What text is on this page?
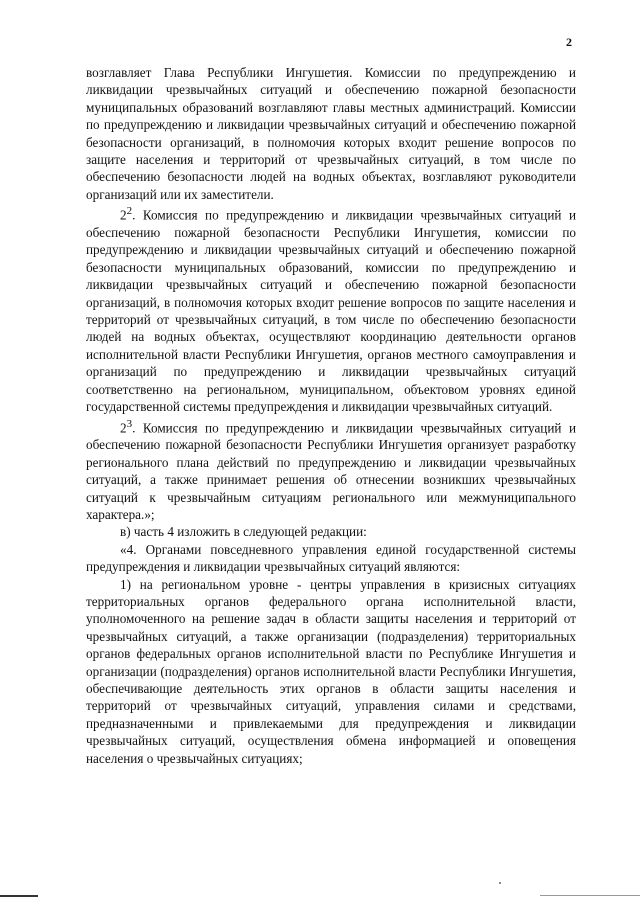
2

возглавляет Глава Республики Ингушетия. Комиссии по предупреждению и ликвидации чрезвычайных ситуаций и обеспечению пожарной безопасности муниципальных образований возглавляют главы местных администраций. Комиссии по предупреждению и ликвидации чрезвычайных ситуаций и обеспечению пожарной безопасности организаций, в полномочия которых входит решение вопросов по защите населения и территорий от чрезвычайных ситуаций, в том числе по обеспечению безопасности людей на водных объектах, возглавляют руководители организаций или их заместители.

$2^2$. Комиссия по предупреждению и ликвидации чрезвычайных ситуаций и обеспечению пожарной безопасности Республики Ингушетия, комиссии по предупреждению и ликвидации чрезвычайных ситуаций и обеспечению пожарной безопасности муниципальных образований, комиссии по предупреждению и ликвидации чрезвычайных ситуаций и обеспечению пожарной безопасности организаций, в полномочия которых входит решение вопросов по защите населения и территорий от чрезвычайных ситуаций, в том числе по обеспечению безопасности людей на водных объектах, осуществляют координацию деятельности органов исполнительной власти Республики Ингушетия, органов местного самоуправления и организаций по предупреждению и ликвидации чрезвычайных ситуаций соответственно на региональном, муниципальном, объектовом уровнях единой государственной системы предупреждения и ликвидации чрезвычайных ситуаций.

$2^3$. Комиссия по предупреждению и ликвидации чрезвычайных ситуаций и обеспечению пожарной безопасности Республики Ингушетия организует разработку регионального плана действий по предупреждению и ликвидации чрезвычайных ситуаций, а также принимает решения об отнесении возникших чрезвычайных ситуаций к чрезвычайным ситуациям регионального или межмуниципального характера.»;

в) часть 4 изложить в следующей редакции:

«4. Органами повседневного управления единой государственной системы предупреждения и ликвидации чрезвычайных ситуаций являются:

1) на региональном уровне - центры управления в кризисных ситуациях территориальных органов федерального органа исполнительной власти, уполномоченного на решение задач в области защиты населения и территорий от чрезвычайных ситуаций, а также организации (подразделения) территориальных органов федеральных органов исполнительной власти по Республике Ингушетия и организации (подразделения) органов исполнительной власти Республики Ингушетия, обеспечивающие деятельность этих органов в области защиты населения и территорий от чрезвычайных ситуаций, управления силами и средствами, предназначенными и привлекаемыми для предупреждения и ликвидации чрезвычайных ситуаций, осуществления обмена информацией и оповещения населения о чрезвычайных ситуациях;
